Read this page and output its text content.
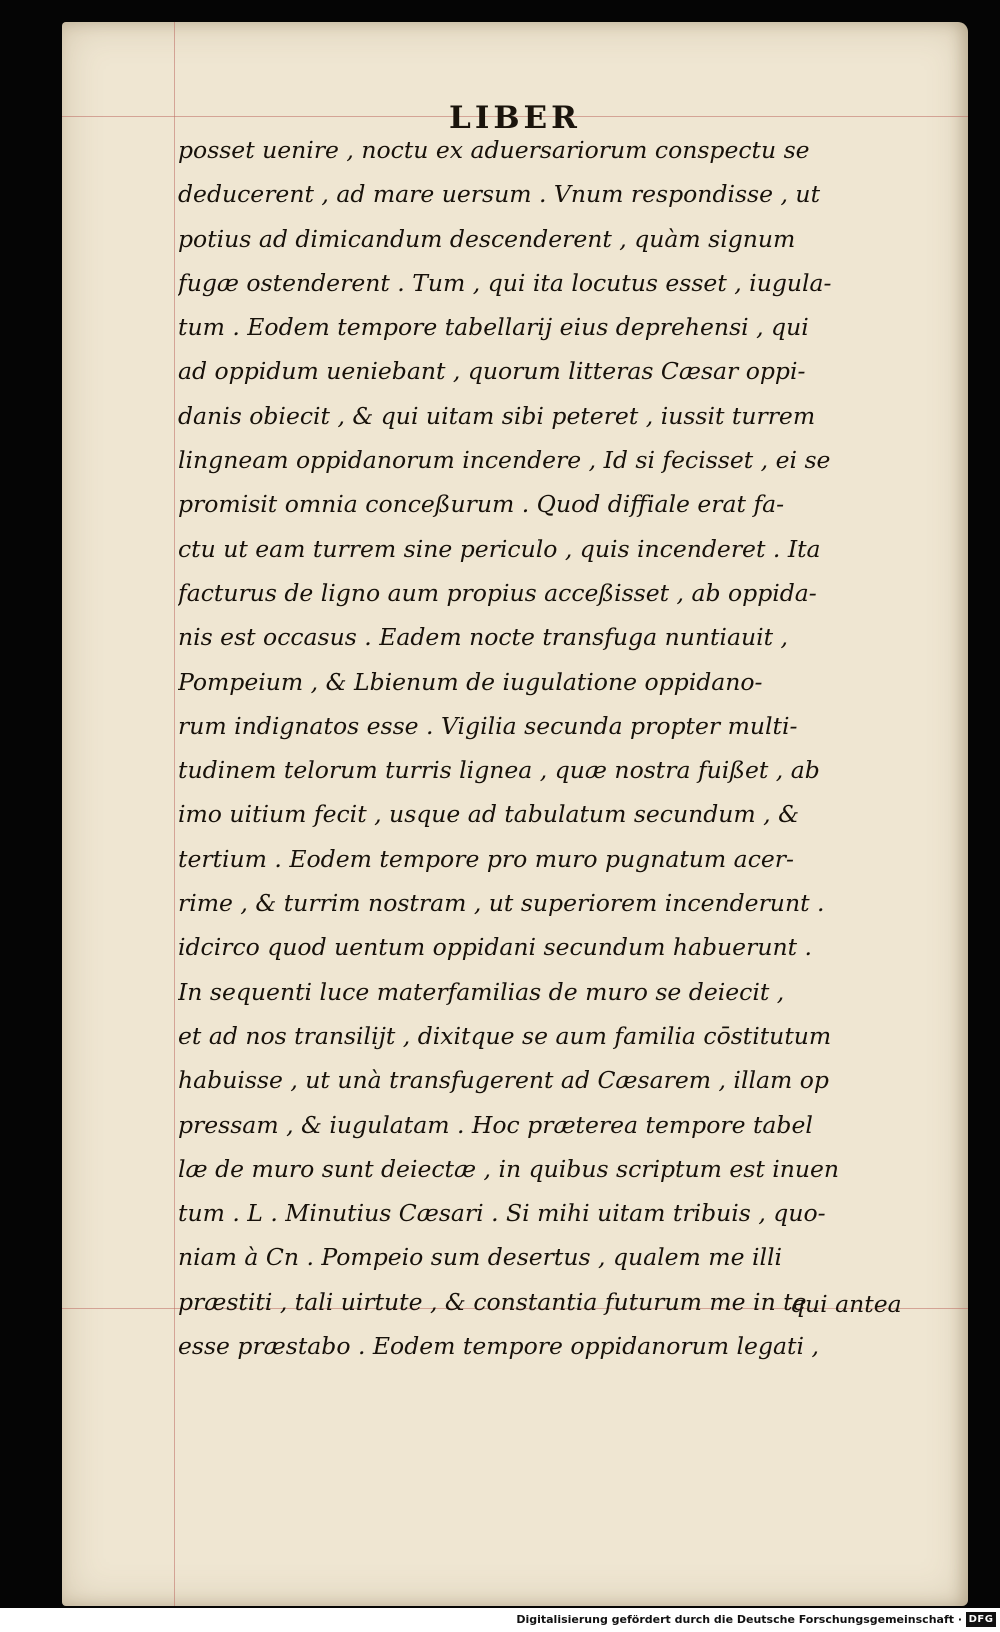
LIBER
posset uenire , noctu ex aduersariorum conspectu se
deducerent , ad mare uersum . Vnum respondisse , ut
potius ad dimicandum descenderent , quàm signum
fugæ ostenderent . Tum , qui ita locutus esset , iugula-
tum . Eodem tempore tabellarij eius deprehensi , qui
ad oppidum ueniebant , quorum litteras Cæsar oppi-
danis obiecit , & qui uitam sibi peteret , iussit turrem
lingneam oppidanorum incendere , Id si fecisset , ei se
promisit omnia conceßurum . Quod diffiale erat fa-
ctu ut eam turrem sine periculo , quis incenderet . Ita
facturus de ligno aum propius acceßisset , ab oppida-
nis est occasus . Eadem nocte transfuga nuntiauit ,
Pompeium , & Lbienum de iugulatione oppidano-
rum indignatos esse . Vigilia secunda propter multi-
tudinem telorum turris lignea , quæ nostra fuißet , ab
imo uitium fecit , usque ad tabulatum secundum , &
tertium . Eodem tempore pro muro pugnatum acer-
rime , & turrim nostram , ut superiorem incenderunt .
idcirco quod uentum oppidani secundum habuerunt .
In sequenti luce materfamilias de muro se deiecit ,
et ad nos transilijt , dixitque se aum familia cōstitutum
habuisse , ut unà transfugerent ad Cæsarem , illam op
pressam , & iugulatam . Hoc præterea tempore tabel
læ de muro sunt deiectæ , in quibus scriptum est inuen
tum . L . Minutius Cæsari . Si mihi uitam tribuis , quo-
niam à Cn . Pompeio sum desertus , qualem me illi
præstiti , tali uirtute , & constantia futurum me in te
esse præstabo . Eodem tempore oppidanorum legati ,
qui antea
Digitalisierung gefördert durch die Deutsche Forschungsgemeinschaft · DFG
